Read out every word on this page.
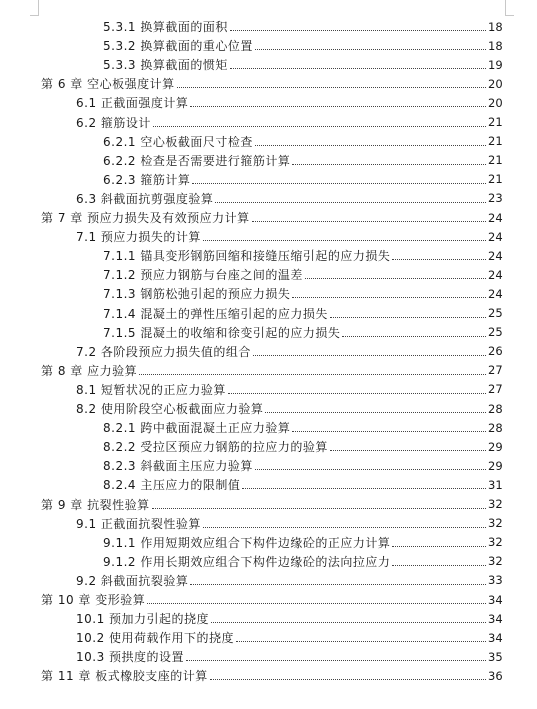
5.3.1 换算截面的面积	18
5.3.2 换算截面的重心位置	18
5.3.3 换算截面的惯矩	19
第 6 章 空心板强度计算	20
6.1 正截面强度计算	20
6.2 箍筋设计	21
6.2.1 空心板截面尺寸检查	21
6.2.2 检查是否需要进行箍筋计算	21
6.2.3 箍筋计算	21
6.3 斜截面抗剪强度验算	23
第 7 章 预应力损失及有效预应力计算	24
7.1 预应力损失的计算	24
7.1.1 锚具变形钢筋回缩和接缝压缩引起的应力损失	24
7.1.2 预应力钢筋与台座之间的温差	24
7.1.3 钢筋松弛引起的预应力损失	24
7.1.4 混凝土的弹性压缩引起的应力损失	25
7.1.5 混凝土的收缩和徐变引起的应力损失	25
7.2 各阶段预应力损失值的组合	26
第 8 章 应力验算	27
8.1 短暂状况的正应力验算	27
8.2 使用阶段空心板截面应力验算	28
8.2.1 跨中截面混凝土正应力验算	28
8.2.2 受拉区预应力钢筋的拉应力的验算	29
8.2.3 斜截面主压应力验算	29
8.2.4 主压应力的限制值	31
第 9 章 抗裂性验算	32
9.1 正截面抗裂性验算	32
9.1.1 作用短期效应组合下构件边缘砼的正应力计算	32
9.1.2 作用长期效应组合下构件边缘砼的法向拉应力	32
9.2 斜截面抗裂验算	33
第 10 章 变形验算	34
10.1 预加力引起的挠度	34
10.2 使用荷载作用下的挠度	34
10.3 预拱度的设置	35
第 11 章 板式橡胶支座的计算	36
